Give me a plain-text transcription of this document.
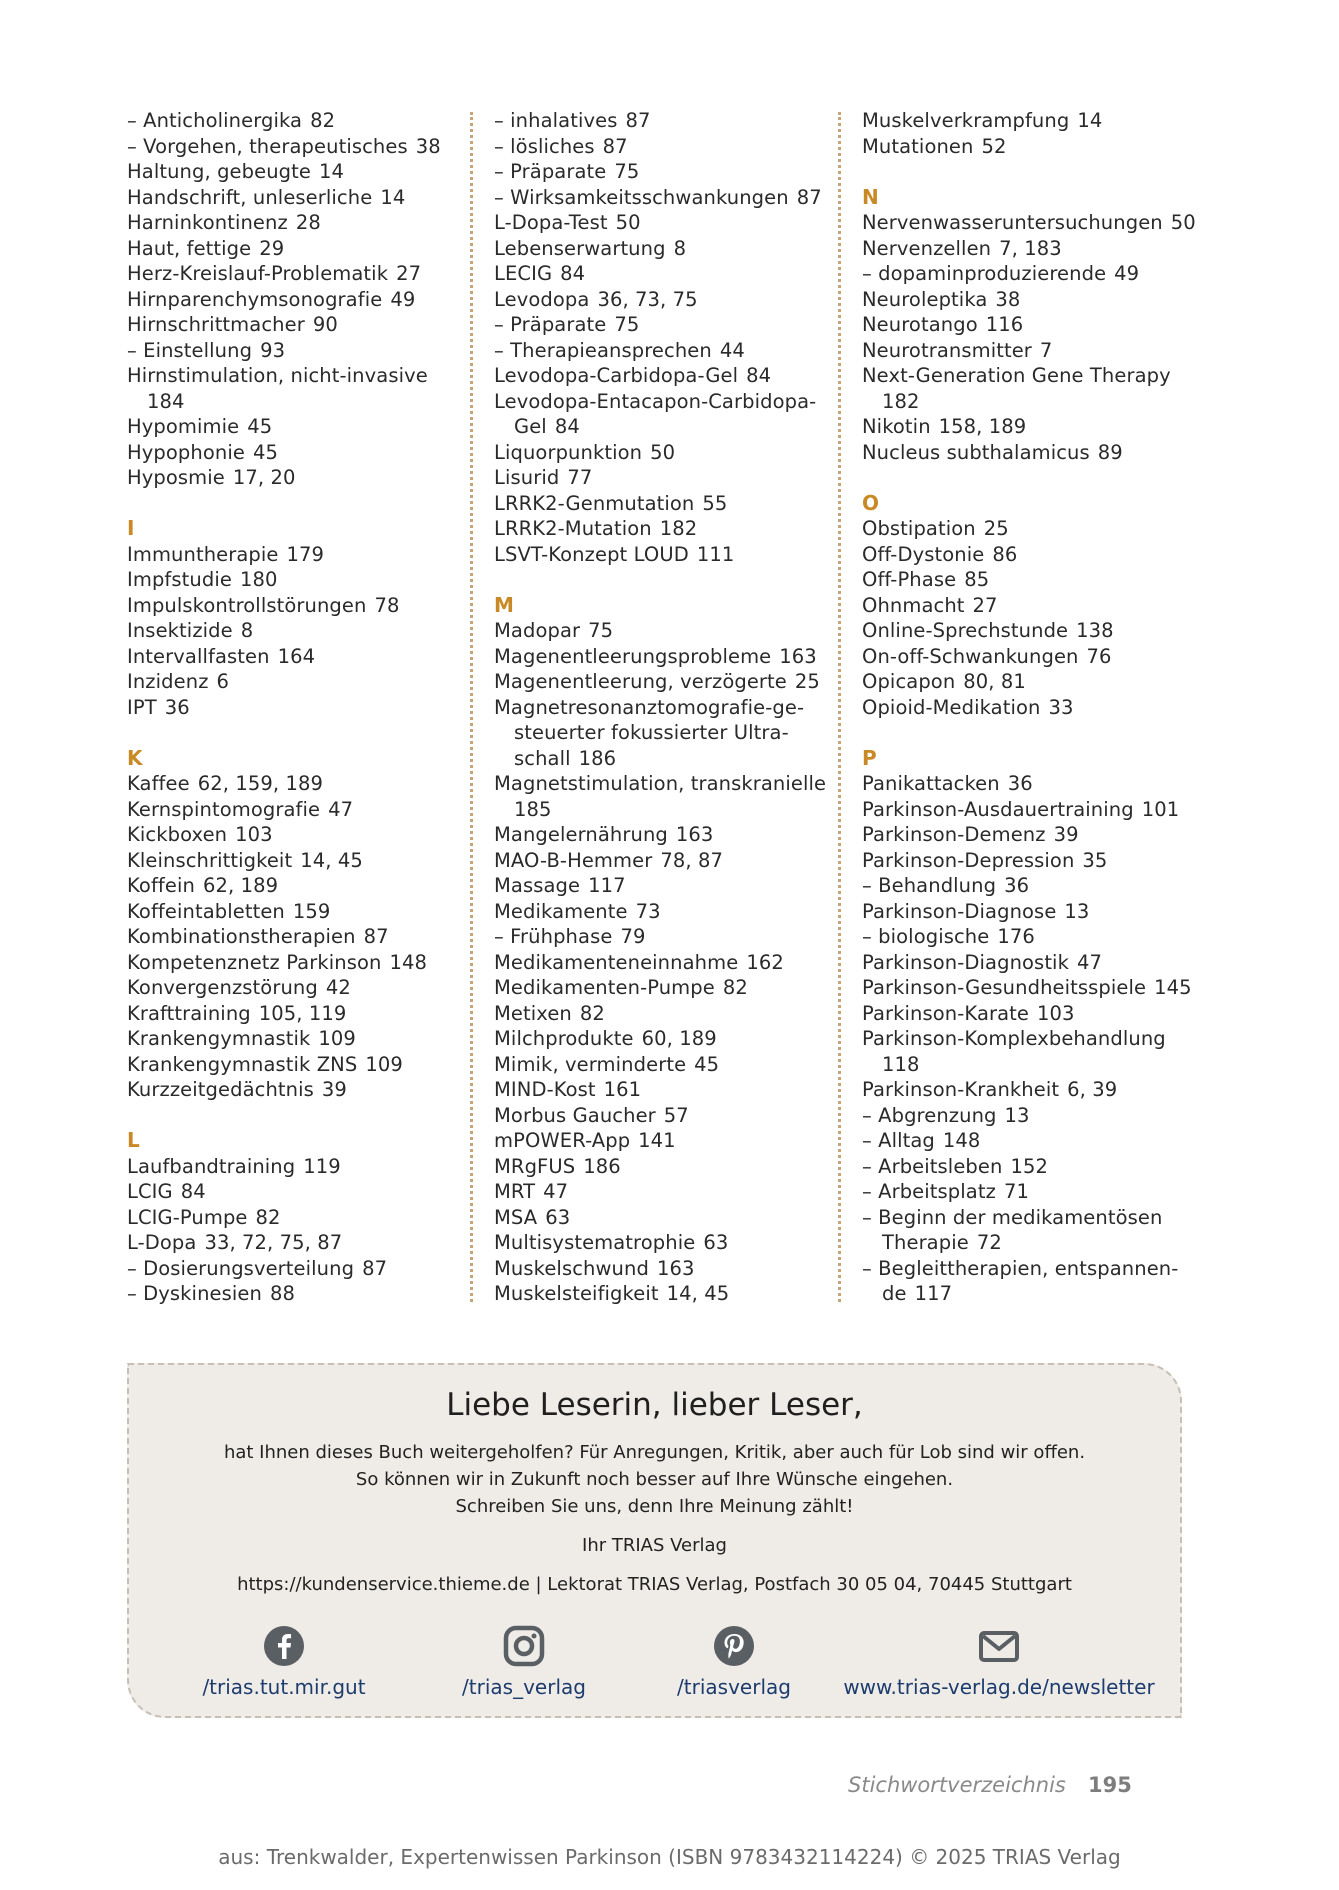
– Anticholinergika 82
– Vorgehen, therapeutisches 38
Haltung, gebeugte 14
Handschrift, unleserliche 14
Harninkontinenz 28
Haut, fettige 29
Herz-Kreislauf-Problematik 27
Hirnparenchymsonografie 49
Hirnschrittmacher 90
– Einstellung 93
Hirnstimulation, nicht-invasive
184
Hypomimie 45
Hypophonie 45
Hyposmie 17, 20
I
Immuntherapie 179
Impfstudie 180
Impulskontrollstörungen 78
Insektizide 8
Intervallfasten 164
Inzidenz 6
IPT 36
K
Kaffee 62, 159, 189
Kernspintomografie 47
Kickboxen 103
Kleinschrittigkeit 14, 45
Koffein 62, 189
Koffeintabletten 159
Kombinationstherapien 87
Kompetenznetz Parkinson 148
Konvergenzstörung 42
Krafttraining 105, 119
Krankengymnastik 109
Krankengymnastik ZNS 109
Kurzzeitgedächtnis 39
L
Laufbandtraining 119
LCIG 84
LCIG-Pumpe 82
L-Dopa 33, 72, 75, 87
– Dosierungsverteilung 87
– Dyskinesien 88
– inhalatives 87
– lösliches 87
– Präparate 75
– Wirksamkeitsschwankungen 87
L-Dopa-Test 50
Lebenserwartung 8
LECIG 84
Levodopa 36, 73, 75
– Präparate 75
– Therapieansprechen 44
Levodopa-Carbidopa-Gel 84
Levodopa-Entacapon-Carbidopa-
Gel 84
Liquorpunktion 50
Lisurid 77
LRRK2-Genmutation 55
LRRK2-Mutation 182
LSVT-Konzept LOUD 111
M
Madopar 75
Magenentleerungsprobleme 163
Magenentleerung, verzögerte 25
Magnetresonanztomografie-ge-
steuerter fokussierter Ultra-
schall 186
Magnetstimulation, transkranielle
185
Mangelernährung 163
MAO-B-Hemmer 78, 87
Massage 117
Medikamente 73
– Frühphase 79
Medikamenteneinnahme 162
Medikamenten-Pumpe 82
Metixen 82
Milchprodukte 60, 189
Mimik, verminderte 45
MIND-Kost 161
Morbus Gaucher 57
mPOWER-App 141
MRgFUS 186
MRT 47
MSA 63
Multisystematrophie 63
Muskelschwund 163
Muskelsteifigkeit 14, 45
Muskelverkrampfung 14
Mutationen 52
N
Nervenwasseruntersuchungen 50
Nervenzellen 7, 183
– dopaminproduzierende 49
Neuroleptika 38
Neurotango 116
Neurotransmitter 7
Next-Generation Gene Therapy
182
Nikotin 158, 189
Nucleus subthalamicus 89
O
Obstipation 25
Off-Dystonie 86
Off-Phase 85
Ohnmacht 27
Online-Sprechstunde 138
On-off-Schwankungen 76
Opicapon 80, 81
Opioid-Medikation 33
P
Panikattacken 36
Parkinson-Ausdauertraining 101
Parkinson-Demenz 39
Parkinson-Depression 35
– Behandlung 36
Parkinson-Diagnose 13
– biologische 176
Parkinson-Diagnostik 47
Parkinson-Gesundheitsspiele 145
Parkinson-Karate 103
Parkinson-Komplexbehandlung
118
Parkinson-Krankheit 6, 39
– Abgrenzung 13
– Alltag 148
– Arbeitsleben 152
– Arbeitsplatz 71
– Beginn der medikamentösen
Therapie 72
– Begleittherapien, entspannen-
de 117
Liebe Leserin, lieber Leser,
hat Ihnen dieses Buch weitergeholfen? Für Anregungen, Kritik, aber auch für Lob sind wir offen.
So können wir in Zukunft noch besser auf Ihre Wünsche eingehen.
Schreiben Sie uns, denn Ihre Meinung zählt!
Ihr TRIAS Verlag
https://kundenservice.thieme.de | Lektorat TRIAS Verlag, Postfach 30 05 04, 70445 Stuttgart
/trias.tut.mir.gut	/trias_verlag	/triasverlag	www.trias-verlag.de/newsletter
Stichwortverzeichnis 195
aus: Trenkwalder, Expertenwissen Parkinson (ISBN 9783432114224) © 2025 TRIAS Verlag
